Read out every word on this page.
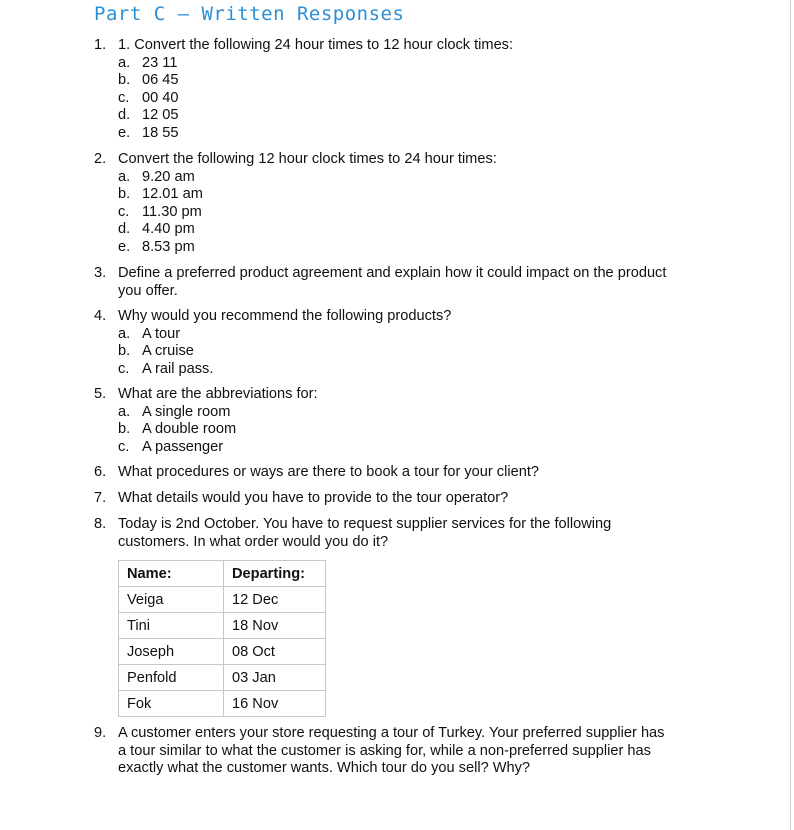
Part C – Written Responses
1. 1. Convert the following 24 hour times to 12 hour clock times:
a. 23 11
b. 06 45
c. 00 40
d. 12 05
e. 18 55
2. Convert the following 12 hour clock times to 24 hour times:
a. 9.20 am
b. 12.01 am
c. 11.30 pm
d. 4.40 pm
e. 8.53 pm
3. Define a preferred product agreement and explain how it could impact on the product
you offer.
4. Why would you recommend the following products?
a. A tour
b. A cruise
c. A rail pass.
5. What are the abbreviations for:
a. A single room
b. A double room
c. A passenger
6. What procedures or ways are there to book a tour for your client?
7. What details would you have to provide to the tour operator?
8. Today is 2nd October. You have to request supplier services for the following
customers. In what order would you do it?
Name:	Departing:
Veiga	12 Dec
Tini	18 Nov
Joseph	08 Oct
Penfold	03 Jan
Fok	16 Nov
9. A customer enters your store requesting a tour of Turkey. Your preferred supplier has
a tour similar to what the customer is asking for, while a non-preferred supplier has
exactly what the customer wants. Which tour do you sell? Why?
